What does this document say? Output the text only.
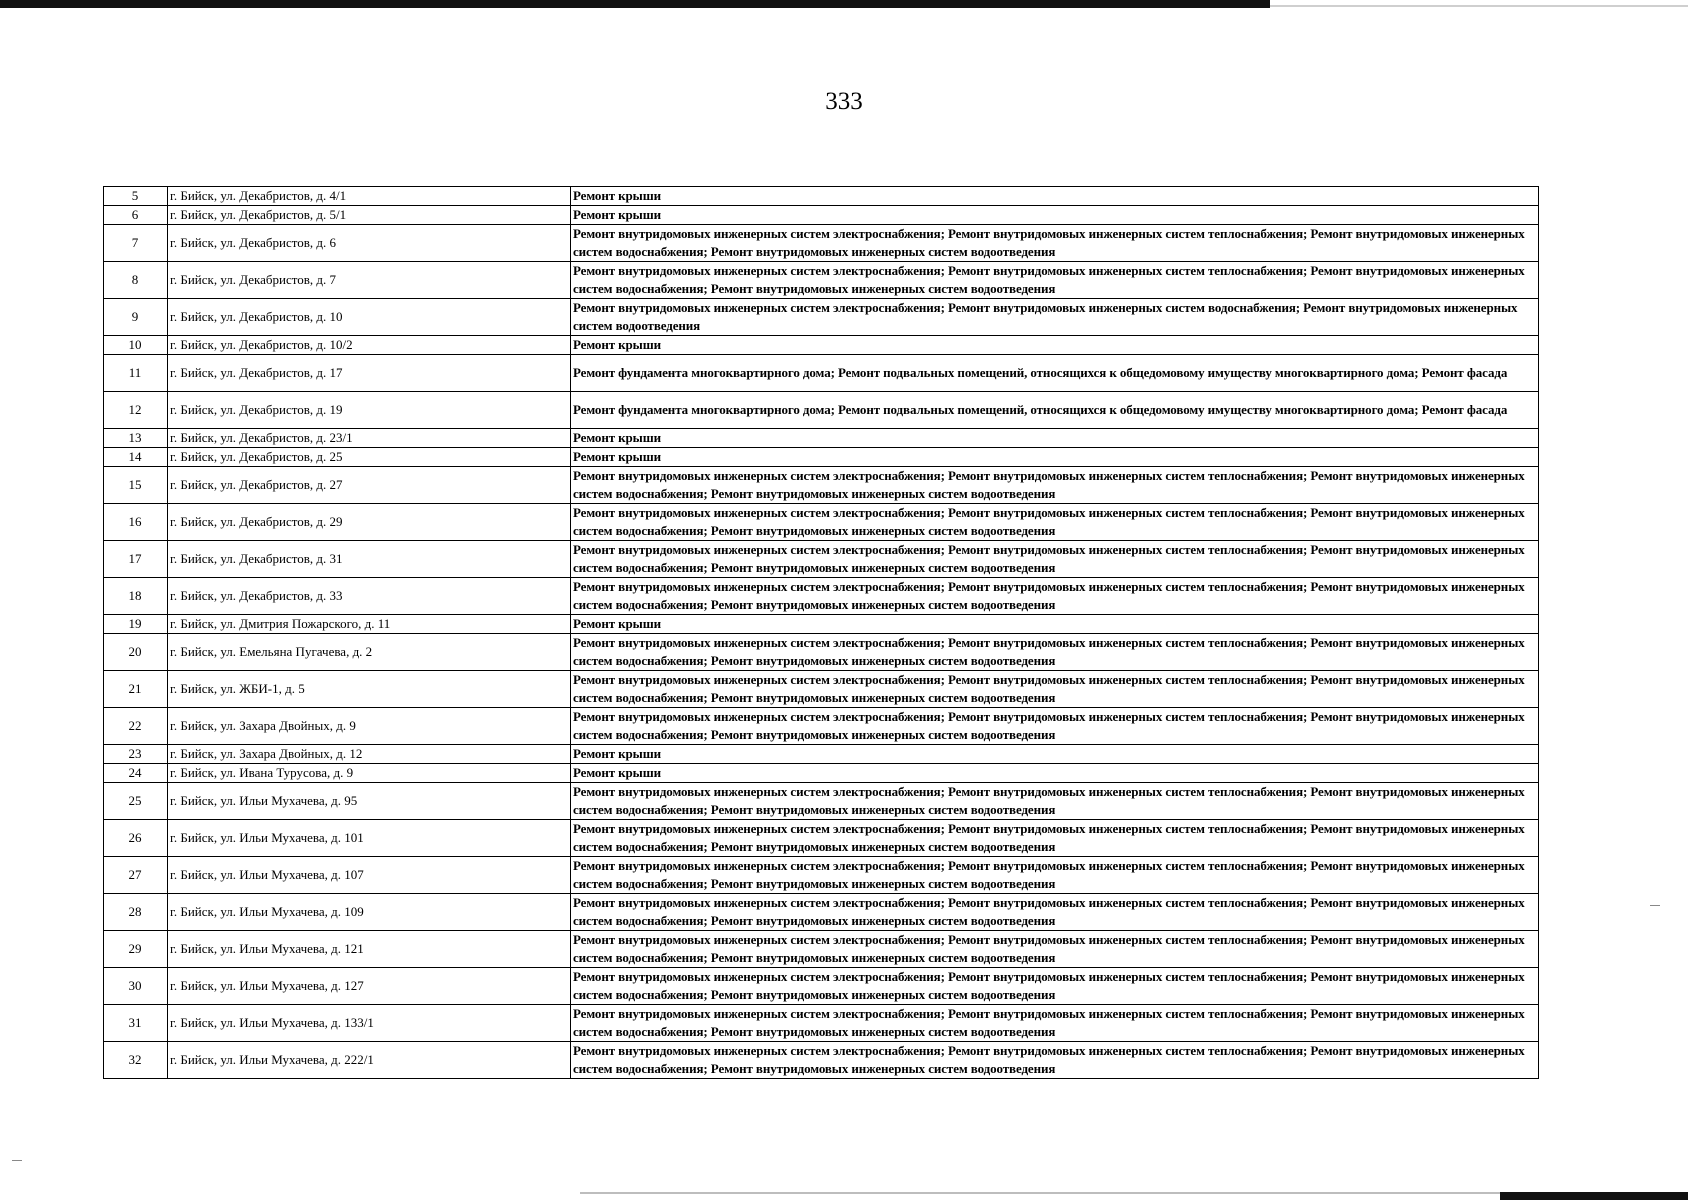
333
5	г. Бийск, ул. Декабристов, д. 4/1	Ремонт крыши
6	г. Бийск, ул. Декабристов, д. 5/1	Ремонт крыши
7	г. Бийск, ул. Декабристов, д. 6	Ремонт внутридомовых инженерных систем электроснабжения; Ремонт внутридомовых инженерных систем теплоснабжения; Ремонт внутридомовых инженерных систем водоснабжения; Ремонт внутридомовых инженерных систем водоотведения
8	г. Бийск, ул. Декабристов, д. 7	Ремонт внутридомовых инженерных систем электроснабжения; Ремонт внутридомовых инженерных систем теплоснабжения; Ремонт внутридомовых инженерных систем водоснабжения; Ремонт внутридомовых инженерных систем водоотведения
9	г. Бийск, ул. Декабристов, д. 10	Ремонт внутридомовых инженерных систем электроснабжения; Ремонт внутридомовых инженерных систем водоснабжения; Ремонт внутридомовых инженерных систем водоотведения
10	г. Бийск, ул. Декабристов, д. 10/2	Ремонт крыши
11	г. Бийск, ул. Декабристов, д. 17	Ремонт фундамента многоквартирного дома; Ремонт подвальных помещений, относящихся к общедомовому имуществу многоквартирного дома; Ремонт фасада
12	г. Бийск, ул. Декабристов, д. 19	Ремонт фундамента многоквартирного дома; Ремонт подвальных помещений, относящихся к общедомовому имуществу многоквартирного дома; Ремонт фасада
13	г. Бийск, ул. Декабристов, д. 23/1	Ремонт крыши
14	г. Бийск, ул. Декабристов, д. 25	Ремонт крыши
15	г. Бийск, ул. Декабристов, д. 27	Ремонт внутридомовых инженерных систем электроснабжения; Ремонт внутридомовых инженерных систем теплоснабжения; Ремонт внутридомовых инженерных систем водоснабжения; Ремонт внутридомовых инженерных систем водоотведения
16	г. Бийск, ул. Декабристов, д. 29	Ремонт внутридомовых инженерных систем электроснабжения; Ремонт внутридомовых инженерных систем теплоснабжения; Ремонт внутридомовых инженерных систем водоснабжения; Ремонт внутридомовых инженерных систем водоотведения
17	г. Бийск, ул. Декабристов, д. 31	Ремонт внутридомовых инженерных систем электроснабжения; Ремонт внутридомовых инженерных систем теплоснабжения; Ремонт внутридомовых инженерных систем водоснабжения; Ремонт внутридомовых инженерных систем водоотведения
18	г. Бийск, ул. Декабристов, д. 33	Ремонт внутридомовых инженерных систем электроснабжения; Ремонт внутридомовых инженерных систем теплоснабжения; Ремонт внутридомовых инженерных систем водоснабжения; Ремонт внутридомовых инженерных систем водоотведения
19	г. Бийск, ул. Дмитрия Пожарского, д. 11	Ремонт крыши
20	г. Бийск, ул. Емельяна Пугачева, д. 2	Ремонт внутридомовых инженерных систем электроснабжения; Ремонт внутридомовых инженерных систем теплоснабжения; Ремонт внутридомовых инженерных систем водоснабжения; Ремонт внутридомовых инженерных систем водоотведения
21	г. Бийск, ул. ЖБИ-1, д. 5	Ремонт внутридомовых инженерных систем электроснабжения; Ремонт внутридомовых инженерных систем теплоснабжения; Ремонт внутридомовых инженерных систем водоснабжения; Ремонт внутридомовых инженерных систем водоотведения
22	г. Бийск, ул. Захара Двойных, д. 9	Ремонт внутридомовых инженерных систем электроснабжения; Ремонт внутридомовых инженерных систем теплоснабжения; Ремонт внутридомовых инженерных систем водоснабжения; Ремонт внутридомовых инженерных систем водоотведения
23	г. Бийск, ул. Захара Двойных, д. 12	Ремонт крыши
24	г. Бийск, ул. Ивана Турусова, д. 9	Ремонт крыши
25	г. Бийск, ул. Ильи Мухачева, д. 95	Ремонт внутридомовых инженерных систем электроснабжения; Ремонт внутридомовых инженерных систем теплоснабжения; Ремонт внутридомовых инженерных систем водоснабжения; Ремонт внутридомовых инженерных систем водоотведения
26	г. Бийск, ул. Ильи Мухачева, д. 101	Ремонт внутридомовых инженерных систем электроснабжения; Ремонт внутридомовых инженерных систем теплоснабжения; Ремонт внутридомовых инженерных систем водоснабжения; Ремонт внутридомовых инженерных систем водоотведения
27	г. Бийск, ул. Ильи Мухачева, д. 107	Ремонт внутридомовых инженерных систем электроснабжения; Ремонт внутридомовых инженерных систем теплоснабжения; Ремонт внутридомовых инженерных систем водоснабжения; Ремонт внутридомовых инженерных систем водоотведения
28	г. Бийск, ул. Ильи Мухачева, д. 109	Ремонт внутридомовых инженерных систем электроснабжения; Ремонт внутридомовых инженерных систем теплоснабжения; Ремонт внутридомовых инженерных систем водоснабжения; Ремонт внутридомовых инженерных систем водоотведения
29	г. Бийск, ул. Ильи Мухачева, д. 121	Ремонт внутридомовых инженерных систем электроснабжения; Ремонт внутридомовых инженерных систем теплоснабжения; Ремонт внутридомовых инженерных систем водоснабжения; Ремонт внутридомовых инженерных систем водоотведения
30	г. Бийск, ул. Ильи Мухачева, д. 127	Ремонт внутридомовых инженерных систем электроснабжения; Ремонт внутридомовых инженерных систем теплоснабжения; Ремонт внутридомовых инженерных систем водоснабжения; Ремонт внутридомовых инженерных систем водоотведения
31	г. Бийск, ул. Ильи Мухачева, д. 133/1	Ремонт внутридомовых инженерных систем электроснабжения; Ремонт внутридомовых инженерных систем теплоснабжения; Ремонт внутридомовых инженерных систем водоснабжения; Ремонт внутридомовых инженерных систем водоотведения
32	г. Бийск, ул. Ильи Мухачева, д. 222/1	Ремонт внутридомовых инженерных систем электроснабжения; Ремонт внутридомовых инженерных систем теплоснабжения; Ремонт внутридомовых инженерных систем водоснабжения; Ремонт внутридомовых инженерных систем водоотведения
